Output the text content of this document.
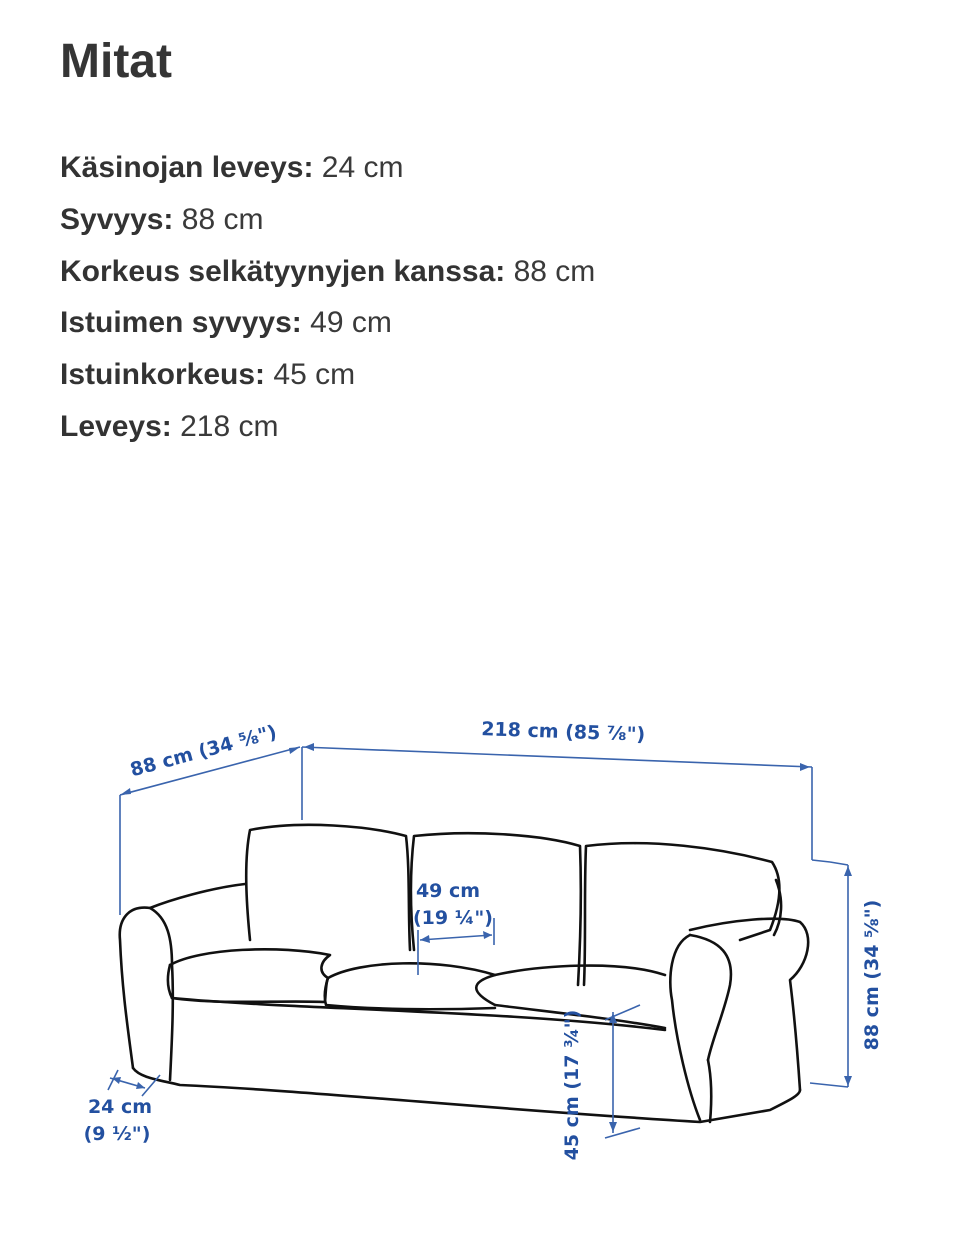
Mitat
Käsinojan leveys: 24 cm
Syvyys: 88 cm
Korkeus selkätyynyjen kanssa: 88 cm
Istuimen syvyys: 49 cm
Istuinkorkeus: 45 cm
Leveys: 218 cm
88 cm (34 ⅝")	218 cm (85 ⅞")
49 cm
(19 ¼")
24 cm
(9 ½")	45 cm (17 ¾")
88 cm (34 ⅝")
